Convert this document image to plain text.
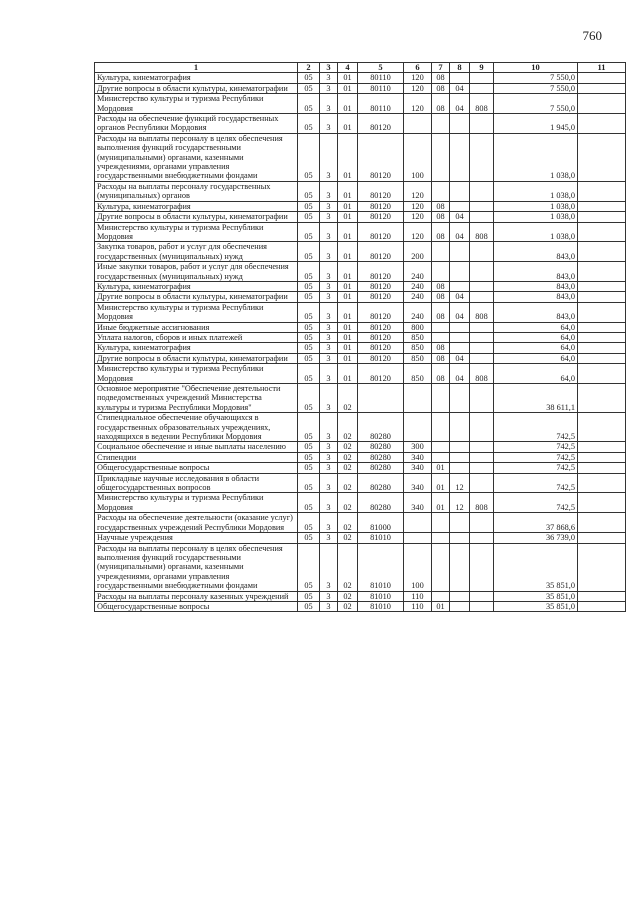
760
1	2	3	4	5	6	7	8	9	10	11
Культура, кинематография	05	3	01	80110	120	08			7 550,0	
Другие вопросы в области культуры, кинематографии	05	3	01	80110	120	08	04		7 550,0	
Министерство культуры и туризма Республики Мордовия	05	3	01	80110	120	08	04	808	7 550,0	
Расходы на обеспечение функций государственных органов Республики Мордовия	05	3	01	80120					1 945,0	
Расходы на выплаты персоналу в целях обеспечения выполнения функций государственными (муниципальными) органами, казенными учреждениями, органами управления государственными внебюджетными фондами	05	3	01	80120	100				1 038,0	
Расходы на выплаты персоналу государственных (муниципальных) органов	05	3	01	80120	120				1 038,0	
Культура, кинематография	05	3	01	80120	120	08			1 038,0	
Другие вопросы в области культуры, кинематографии	05	3	01	80120	120	08	04		1 038,0	
Министерство культуры и туризма Республики Мордовия	05	3	01	80120	120	08	04	808	1 038,0	
Закупка товаров, работ и услуг для обеспечения государственных (муниципальных) нужд	05	3	01	80120	200				843,0	
Иные закупки товаров, работ и услуг для обеспечения государственных (муниципальных) нужд	05	3	01	80120	240				843,0	
Культура, кинематография	05	3	01	80120	240	08			843,0	
Другие вопросы в области культуры, кинематографии	05	3	01	80120	240	08	04		843,0	
Министерство культуры и туризма Республики Мордовия	05	3	01	80120	240	08	04	808	843,0	
Иные бюджетные ассигнования	05	3	01	80120	800				64,0	
Уплата налогов, сборов и иных платежей	05	3	01	80120	850				64,0	
Культура, кинематография	05	3	01	80120	850	08			64,0	
Другие вопросы в области культуры, кинематографии	05	3	01	80120	850	08	04		64,0	
Министерство культуры и туризма Республики Мордовия	05	3	01	80120	850	08	04	808	64,0	
Основное мероприятие "Обеспечение деятельности подведомственных учреждений Министерства культуры и туризма Республики Мордовия"	05	3	02						38 611,1	
Стипендиальное обеспечение обучающихся в государственных образовательных учреждениях, находящихся в ведении Республики Мордовия	05	3	02	80280					742,5	
Социальное обеспечение и иные выплаты населению	05	3	02	80280	300				742,5	
Стипендии	05	3	02	80280	340				742,5	
Общегосударственные вопросы	05	3	02	80280	340	01			742,5	
Прикладные научные исследования в области общегосударственных вопросов	05	3	02	80280	340	01	12		742,5	
Министерство культуры и туризма Республики Мордовия	05	3	02	80280	340	01	12	808	742,5	
Расходы на обеспечение деятельности (оказание услуг) государственных учреждений Республики Мордовия	05	3	02	81000					37 868,6	
Научные учреждения	05	3	02	81010					36 739,0	
Расходы на выплаты персоналу в целях обеспечения выполнения функций государственными (муниципальными) органами, казенными учреждениями, органами управления государственными внебюджетными фондами	05	3	02	81010	100				35 851,0	
Расходы на выплаты персоналу казенных учреждений	05	3	02	81010	110				35 851,0	
Общегосударственные вопросы	05	3	02	81010	110	01			35 851,0	
